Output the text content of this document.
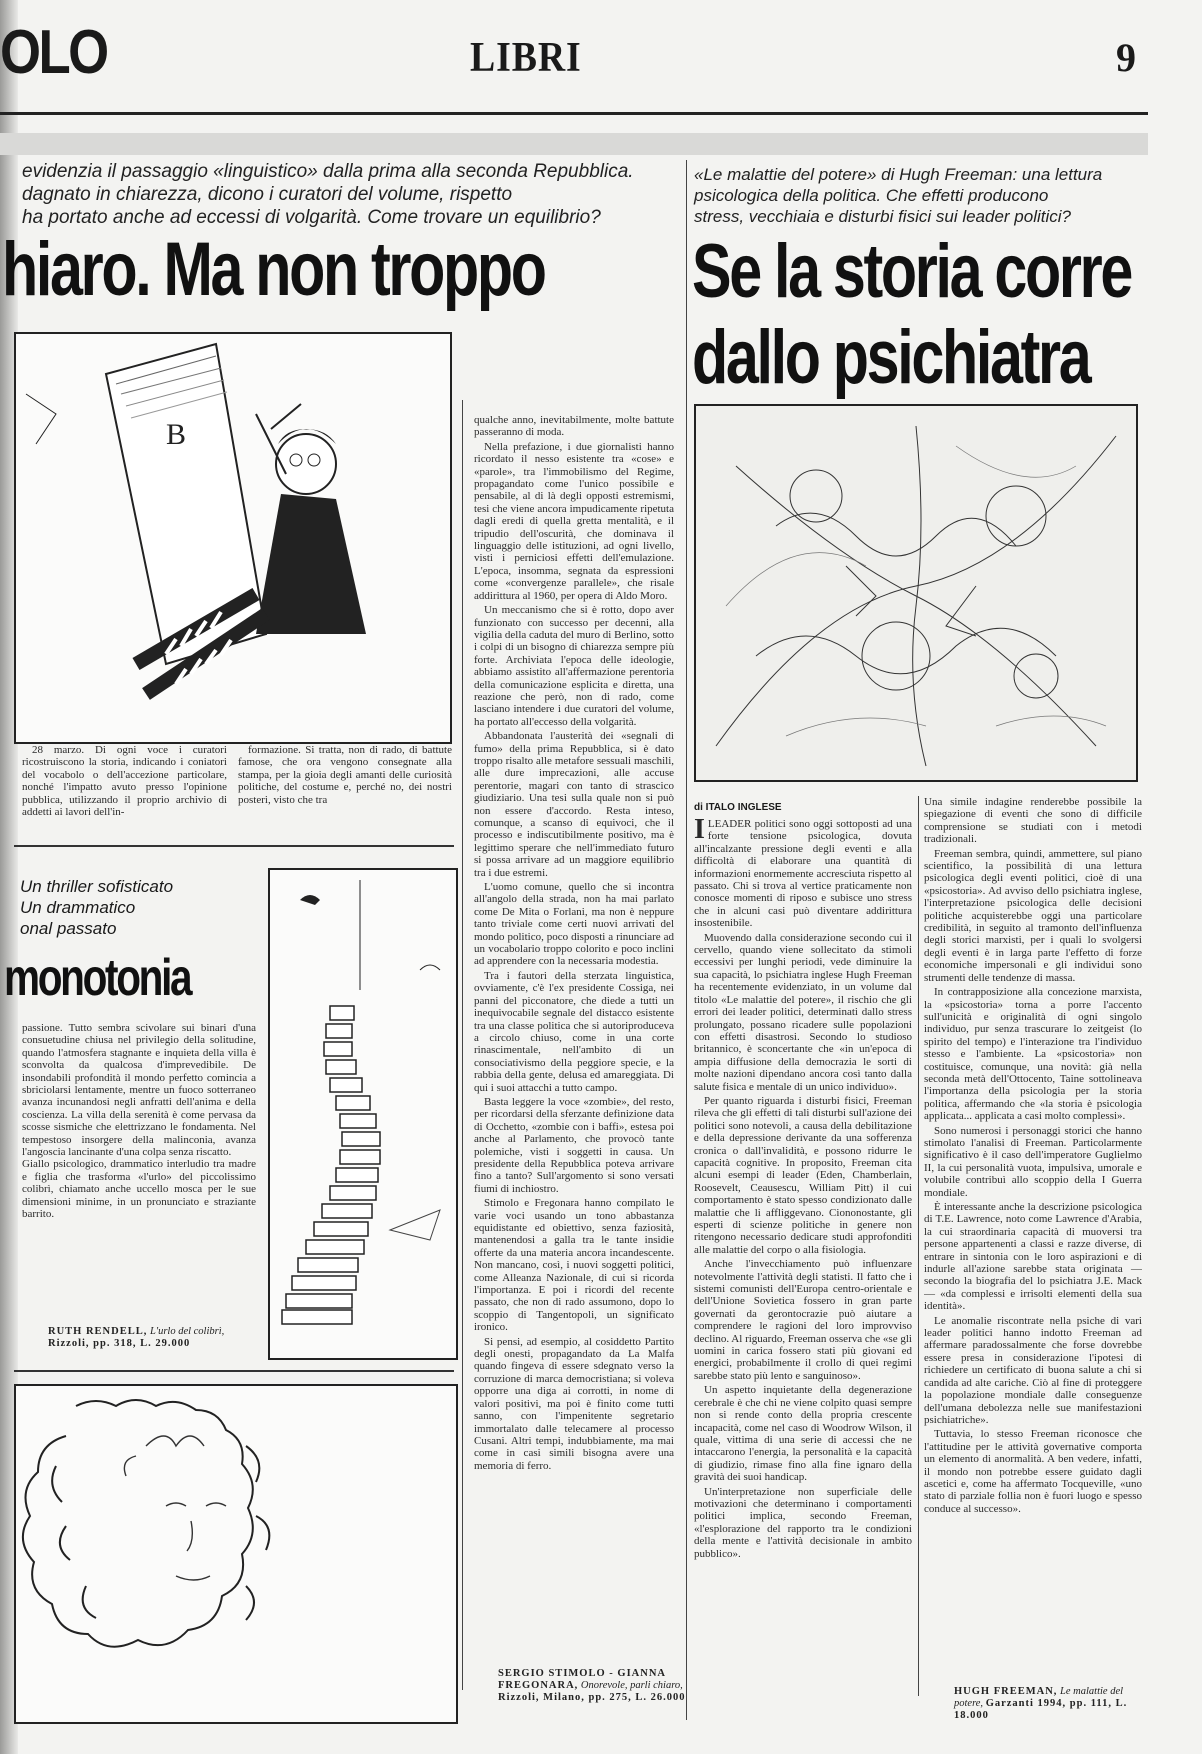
OLO	LIBRI	9
evidenzia il passaggio «linguistico» dalla prima alla seconda Repubblica.
dagnato in chiarezza, dicono i curatori del volume, rispetto
ha portato anche ad eccessi di volgarità. Come trovare un equilibrio?
hiaro. Ma non troppo
B

28 marzo. Di ogni voce i curatori ricostruiscono la storia, indicando i coniatori del vocabolo o dell'accezione particolare, nonché l'impatto avuto presso l'opinione pubblica, utilizzando il proprio archivio di addetti ai lavori dell'in-

formazione. Si tratta, non di rado, di battute famose, che ora vengono consegnate alla stampa, per la gioia degli amanti delle curiosità politiche, del costume e, perché no, dei nostri posteri, visto che tra

qualche anno, inevitabilmente, molte battute passeranno di moda.

Nella prefazione, i due giornalisti hanno ricordato il nesso esistente tra «cose» e «parole», tra l'immobilismo del Regime, propagandato come l'unico possibile e pensabile, al di là degli opposti estremismi, tesi che viene ancora impudicamente ripetuta dagli eredi di quella gretta mentalità, e il tripudio dell'oscurità, che dominava il linguaggio delle istituzioni, ad ogni livello, visti i perniciosi effetti dell'emulazione. L'epoca, insomma, segnata da espressioni come «convergenze parallele», che risale addirittura al 1960, per opera di Aldo Moro.

Un meccanismo che si è rotto, dopo aver funzionato con successo per decenni, alla vigilia della caduta del muro di Berlino, sotto i colpi di un bisogno di chiarezza sempre più forte. Archiviata l'epoca delle ideologie, abbiamo assistito all'affermazione perentoria della comunicazione esplicita e diretta, una reazione che però, non di rado, come lasciano intendere i due curatori del volume, ha portato all'eccesso della volgarità.

Abbandonata l'austerità dei «segnali di fumo» della prima Repubblica, si è dato troppo risalto alle metafore sessuali maschili, alle dure imprecazioni, alle accuse perentorie, magari con tanto di strascico giudiziario. Una tesi sulla quale non si può non essere d'accordo. Resta inteso, comunque, a scanso di equivoci, che il processo e indiscutibilmente positivo, ma è legittimo sperare che nell'immediato futuro si possa arrivare ad un maggiore equilibrio tra i due estremi.

L'uomo comune, quello che si incontra all'angolo della strada, non ha mai parlato come De Mita o Forlani, ma non è neppure tanto triviale come certi nuovi arrivati del mondo politico, poco disposti a rinunciare ad un vocabolario troppo colorito e poco inclini ad apprendere con la necessaria modestia.

Tra i fautori della sterzata linguistica, ovviamente, c'è l'ex presidente Cossiga, nei panni del picconatore, che diede a tutti un inequivocabile segnale del distacco esistente tra una classe politica che si autoriproduceva a circolo chiuso, come in una corte rinascimentale, nell'ambito di un consociativismo della peggiore specie, e la rabbia della gente, delusa ed amareggiata. Di qui i suoi attacchi a tutto campo.

Basta leggere la voce «zombie», del resto, per ricordarsi della sferzante definizione data di Occhetto, «zombie con i baffi», estesa poi anche al Parlamento, che provocò tante polemiche, visti i soggetti in causa. Un presidente della Repubblica poteva arrivare fino a tanto? Sull'argomento si sono versati fiumi di inchiostro.

Stimolo e Fregonara hanno compilato le varie voci usando un tono abbastanza equidistante ed obiettivo, senza faziosità, mantenendosi a galla tra le tante insidie offerte da una materia ancora incandescente. Non mancano, così, i nuovi soggetti politici, come Alleanza Nazionale, di cui si ricorda l'importanza. E poi i ricordi del recente passato, che non di rado assumono, dopo lo scoppio di Tangentopoli, un significato ironico.

Si pensi, ad esempio, al cosiddetto Partito degli onesti, propagandato da La Malfa quando fingeva di essere sdegnato verso la corruzione di marca democristiana; si voleva opporre una diga ai corrotti, in nome di valori positivi, ma poi è finito come tutti sanno, con l'impenitente segretario immortalato dalle telecamere al processo Cusani. Altri tempi, indubbiamente, ma mai come in casi simili bisogna avere una memoria di ferro.

SERGIO STIMOLO - GIANNA FREGONARA, Onorevole, parli chiaro, Rizzoli, Milano, pp. 275, L. 26.000
Un thriller sofisticato
Un drammatico
onal passato
monotonia

passione. Tutto sembra scivolare sui binari d'una consuetudine chiusa nel privilegio della solitudine, quando l'atmosfera stagnante e inquieta della villa è sconvolta da qualcosa d'imprevedibile. De insondabili profondità il mondo perfetto comincia a sbriciolarsi lentamente, mentre un fuoco sotterraneo avanza incunandosi negli anfratti dell'anima e della coscienza. La villa della serenità è come pervasa da scosse sismiche che elettrizzano le fondamenta. Nel tempestoso insorgere della malinconia, avanza l'angoscia lancinante d'una colpa senza riscatto.
Giallo psicologico, drammatico interludio tra madre e figlia che trasforma «l'urlo» del piccolissimo colibrì, chiamato anche uccello mosca per le sue dimensioni minime, in un pronunciato e straziante barrito.

RUTH RENDELL, L'urlo del colibrì, Rizzoli, pp. 318, L. 29.000
«Le malattie del potere» di Hugh Freeman: una lettura
psicologica della politica. Che effetti producono
stress, vecchiaia e disturbi fisici sui leader politici?
Se la storia corre
dallo psichiatra
di ITALO INGLESE

ILEADER politici sono oggi sottoposti ad una forte tensione psicologica, dovuta all'incalzante pressione degli eventi e alla difficoltà di elaborare una quantità di informazioni enormemente accresciuta rispetto al passato. Chi si trova al vertice praticamente non conosce momenti di riposo e subisce uno stress che in alcuni casi può diventare addirittura insostenibile.

Muovendo dalla considerazione secondo cui il cervello, quando viene sollecitato da stimoli eccessivi per lunghi periodi, vede diminuire la sua capacità, lo psichiatra inglese Hugh Freeman ha recentemente evidenziato, in un volume dal titolo «Le malattie del potere», il rischio che gli errori dei leader politici, determinati dallo stress prolungato, possano ricadere sulle popolazioni con effetti disastrosi. Secondo lo studioso britannico, è sconcertante che «in un'epoca di ampia diffusione della democrazia le sorti di molte nazioni dipendano ancora così tanto dalla salute fisica e mentale di un unico individuo».

Per quanto riguarda i disturbi fisici, Freeman rileva che gli effetti di tali disturbi sull'azione dei politici sono notevoli, a causa della debilitazione e della depressione derivante da una sofferenza cronica o dall'invalidità, e possono ridurre le capacità cognitive. In proposito, Freeman cita alcuni esempi di leader (Eden, Chamberlain, Roosevelt, Ceausescu, William Pitt) il cui comportamento è stato spesso condizionato dalle malattie che li affliggevano. Ciononostante, gli esperti di scienze politiche in genere non ritengono necessario dedicare studi approfonditi alle malattie del corpo o alla fisiologia.

Anche l'invecchiamento può influenzare notevolmente l'attività degli statisti. Il fatto che i sistemi comunisti dell'Europa centro-orientale e dell'Unione Sovietica fossero in gran parte governati da gerontocrazie può aiutare a comprendere le ragioni del loro improvviso declino. Al riguardo, Freeman osserva che «se gli uomini in carica fossero stati più giovani ed energici, probabilmente il crollo di quei regimi sarebbe stato più lento e sanguinoso».

Un aspetto inquietante della degenerazione cerebrale è che chi ne viene colpito quasi sempre non si rende conto della propria crescente incapacità, come nel caso di Woodrow Wilson, il quale, vittima di una serie di accessi che ne intaccarono l'energia, la personalità e la capacità di giudizio, rimase fino alla fine ignaro della gravità dei suoi handicap.

Un'interpretazione non superficiale delle motivazioni che determinano i comportamenti politici implica, secondo Freeman, «l'esplorazione del rapporto tra le condizioni della mente e l'attività decisionale in ambito pubblico».

Una simile indagine renderebbe possibile la spiegazione di eventi che sono di difficile comprensione se studiati con i metodi tradizionali.

Freeman sembra, quindi, ammettere, sul piano scientifico, la possibilità di una lettura psicologica degli eventi politici, cioè di una «psicostoria». Ad avviso dello psichiatra inglese, l'interpretazione psicologica delle decisioni politiche acquisterebbe oggi una particolare credibilità, in seguito al tramonto dell'influenza degli storici marxisti, per i quali lo svolgersi degli eventi è in larga parte l'effetto di forze economiche impersonali e gli individui sono strumenti delle tendenze di massa.

In contrapposizione alla concezione marxista, la «psicostoria» torna a porre l'accento sull'unicità e originalità di ogni singolo individuo, pur senza trascurare lo zeitgeist (lo spirito del tempo) e l'interazione tra l'individuo stesso e l'ambiente. La «psicostoria» non costituisce, comunque, una novità: già nella seconda metà dell'Ottocento, Taine sottolineava l'importanza della psicologia per la storia politica, affermando che «la storia è psicologia applicata... applicata a casi molto complessi».

Sono numerosi i personaggi storici che hanno stimolato l'analisi di Freeman. Particolarmente significativo è il caso dell'imperatore Guglielmo II, la cui personalità vuota, impulsiva, umorale e volubile contribuì allo scoppio della I Guerra mondiale.

È interessante anche la descrizione psicologica di T.E. Lawrence, noto come Lawrence d'Arabia, la cui straordinaria capacità di muoversi tra persone appartenenti a classi e razze diverse, di entrare in sintonia con le loro aspirazioni e di indurle all'azione sarebbe stata originata — secondo la biografia del lo psichiatra J.E. Mack — «da complessi e irrisolti elementi della sua identità».

Le anomalie riscontrate nella psiche di vari leader politici hanno indotto Freeman ad affermare paradossalmente che forse dovrebbe essere presa in considerazione l'ipotesi di richiedere un certificato di buona salute a chi si candida ad alte cariche. Ciò al fine di proteggere la popolazione mondiale dalle conseguenze dell'umana debolezza nelle sue manifestazioni psichiatriche».

Tuttavia, lo stesso Freeman riconosce che l'attitudine per le attività governative comporta un elemento di anormalità. A ben vedere, infatti, il mondo non potrebbe essere guidato dagli ascetici e, come ha affermato Tocqueville, «uno stato di parziale follia non è fuori luogo e spesso conduce al successo».

HUGH FREEMAN, Le malattie del potere, Garzanti 1994, pp. 111, L. 18.000
